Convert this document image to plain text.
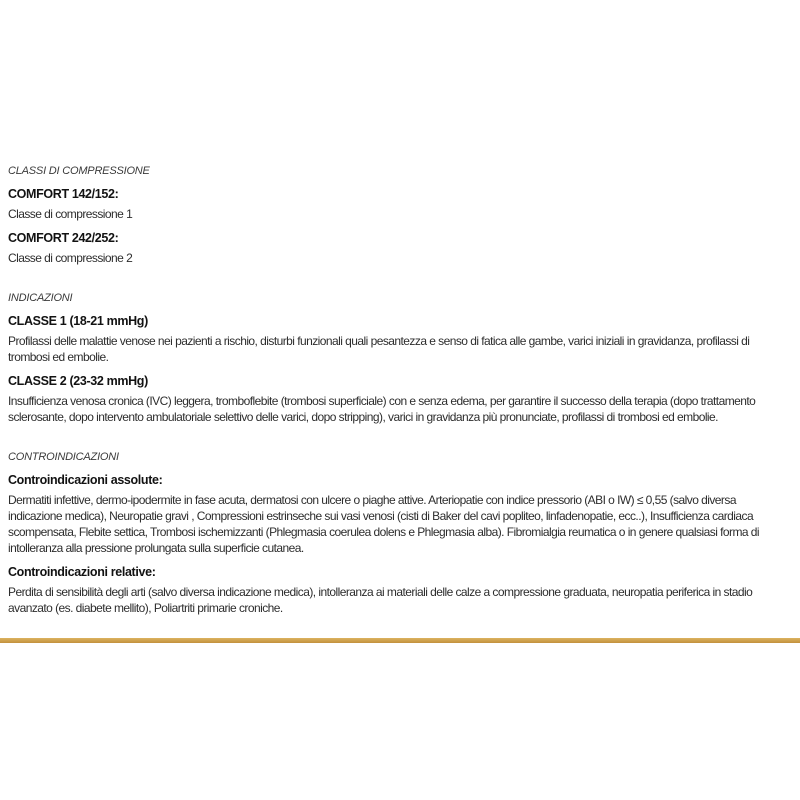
CLASSI DI COMPRESSIONE
COMFORT 142/152:
Classe di compressione 1
COMFORT 242/252:
Classe di compressione 2
INDICAZIONI
CLASSE 1 (18-21 mmHg)
Profilassi delle malattie venose nei pazienti a rischio, disturbi funzionali quali pesantezza e senso di fatica alle gambe, varici iniziali in gravidanza, profilassi di trombosi ed embolie.
CLASSE 2 (23-32 mmHg)
Insufficienza venosa cronica (IVC) leggera, tromboflebite (trombosi superficiale) con e senza edema, per garantire il successo della terapia (dopo trattamento sclerosante, dopo intervento ambulatoriale selettivo delle varici, dopo stripping), varici in gravidanza più pronunciate, profilassi di trombosi ed embolie.
CONTROINDICAZIONI
Controindicazioni assolute:
Dermatiti infettive, dermo-ipodermite in fase acuta, dermatosi con ulcere o piaghe attive. Arteriopatie con indice pressorio (ABI o IW) ≤ 0,55 (salvo diversa indicazione medica), Neuropatie gravi , Compressioni estrinseche sui vasi venosi (cisti di Baker del cavi popliteo, linfadenopatie, ecc..), Insufficienza cardiaca scompensata, Flebite settica, Trombosi ischemizzanti (Phlegmasia coerulea dolens e Phlegmasia alba). Fibromialgia reumatica o in genere qualsiasi forma di intolleranza alla pressione prolungata sulla superficie cutanea.
Controindicazioni relative:
Perdita di sensibilità degli arti (salvo diversa indicazione medica), intolleranza ai materiali delle calze a compressione graduata, neuropatia periferica in stadio avanzato (es. diabete mellito), Poliartriti primarie croniche.
